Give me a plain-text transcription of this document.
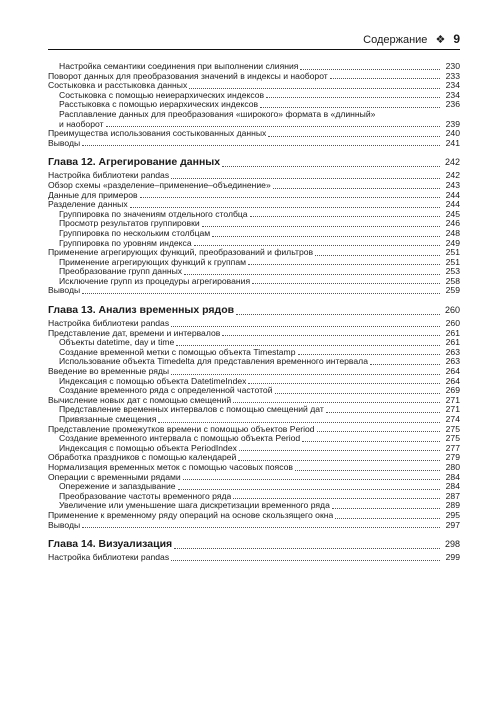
Содержание ❖ 9
Настройка семантики соединения при выполнении слияния	230
Поворот данных для преобразования значений в индексы и наоборот	233
Состыковка и расстыковка данных	234
Состыковка с помощью неиерархических индексов	234
Расстыковка с помощью иерархических индексов	236
Расплавление данных для преобразования «широкого» формата в «длинный»
и наоборот	239
Преимущества использования состыкованных данных	240
Выводы	241
Глава 12. Агрегирование данных	242
Настройка библиотеки pandas	242
Обзор схемы «разделение–применение–объединение»	243
Данные для примеров	244
Разделение данных	244
Группировка по значениям отдельного столбца	245
Просмотр результатов группировки	246
Группировка по нескольким столбцам	248
Группировка по уровням индекса	249
Применение агрегирующих функций, преобразований и фильтров	251
Применение агрегирующих функций к группам	251
Преобразование групп данных	253
Исключение групп из процедуры агрегирования	258
Выводы	259
Глава 13. Анализ временных рядов	260
Настройка библиотеки pandas	260
Представление дат, времени и интервалов	261
Объекты datetime, day и time	261
Создание временной метки с помощью объекта Timestamp	263
Использование объекта Timedelta для представления временного интервала	263
Введение во временные ряды	264
Индексация с помощью объекта DatetimeIndex	264
Создание временного ряда с определенной частотой	269
Вычисление новых дат с помощью смещений	271
Представление временных интервалов с помощью смещений дат	271
Привязанные смещения	274
Представление промежутков времени с помощью объектов Period	275
Создание временного интервала с помощью объекта Period	275
Индексация с помощью объекта PeriodIndex	277
Обработка праздников с помощью календарей	279
Нормализация временных меток с помощью часовых поясов	280
Операции с временными рядами	284
Опережение и запаздывание	284
Преобразование частоты временного ряда	287
Увеличение или уменьшение шага дискретизации временного ряда	289
Применение к временному ряду операций на основе скользящего окна	295
Выводы	297
Глава 14. Визуализация	298
Настройка библиотеки pandas	299
